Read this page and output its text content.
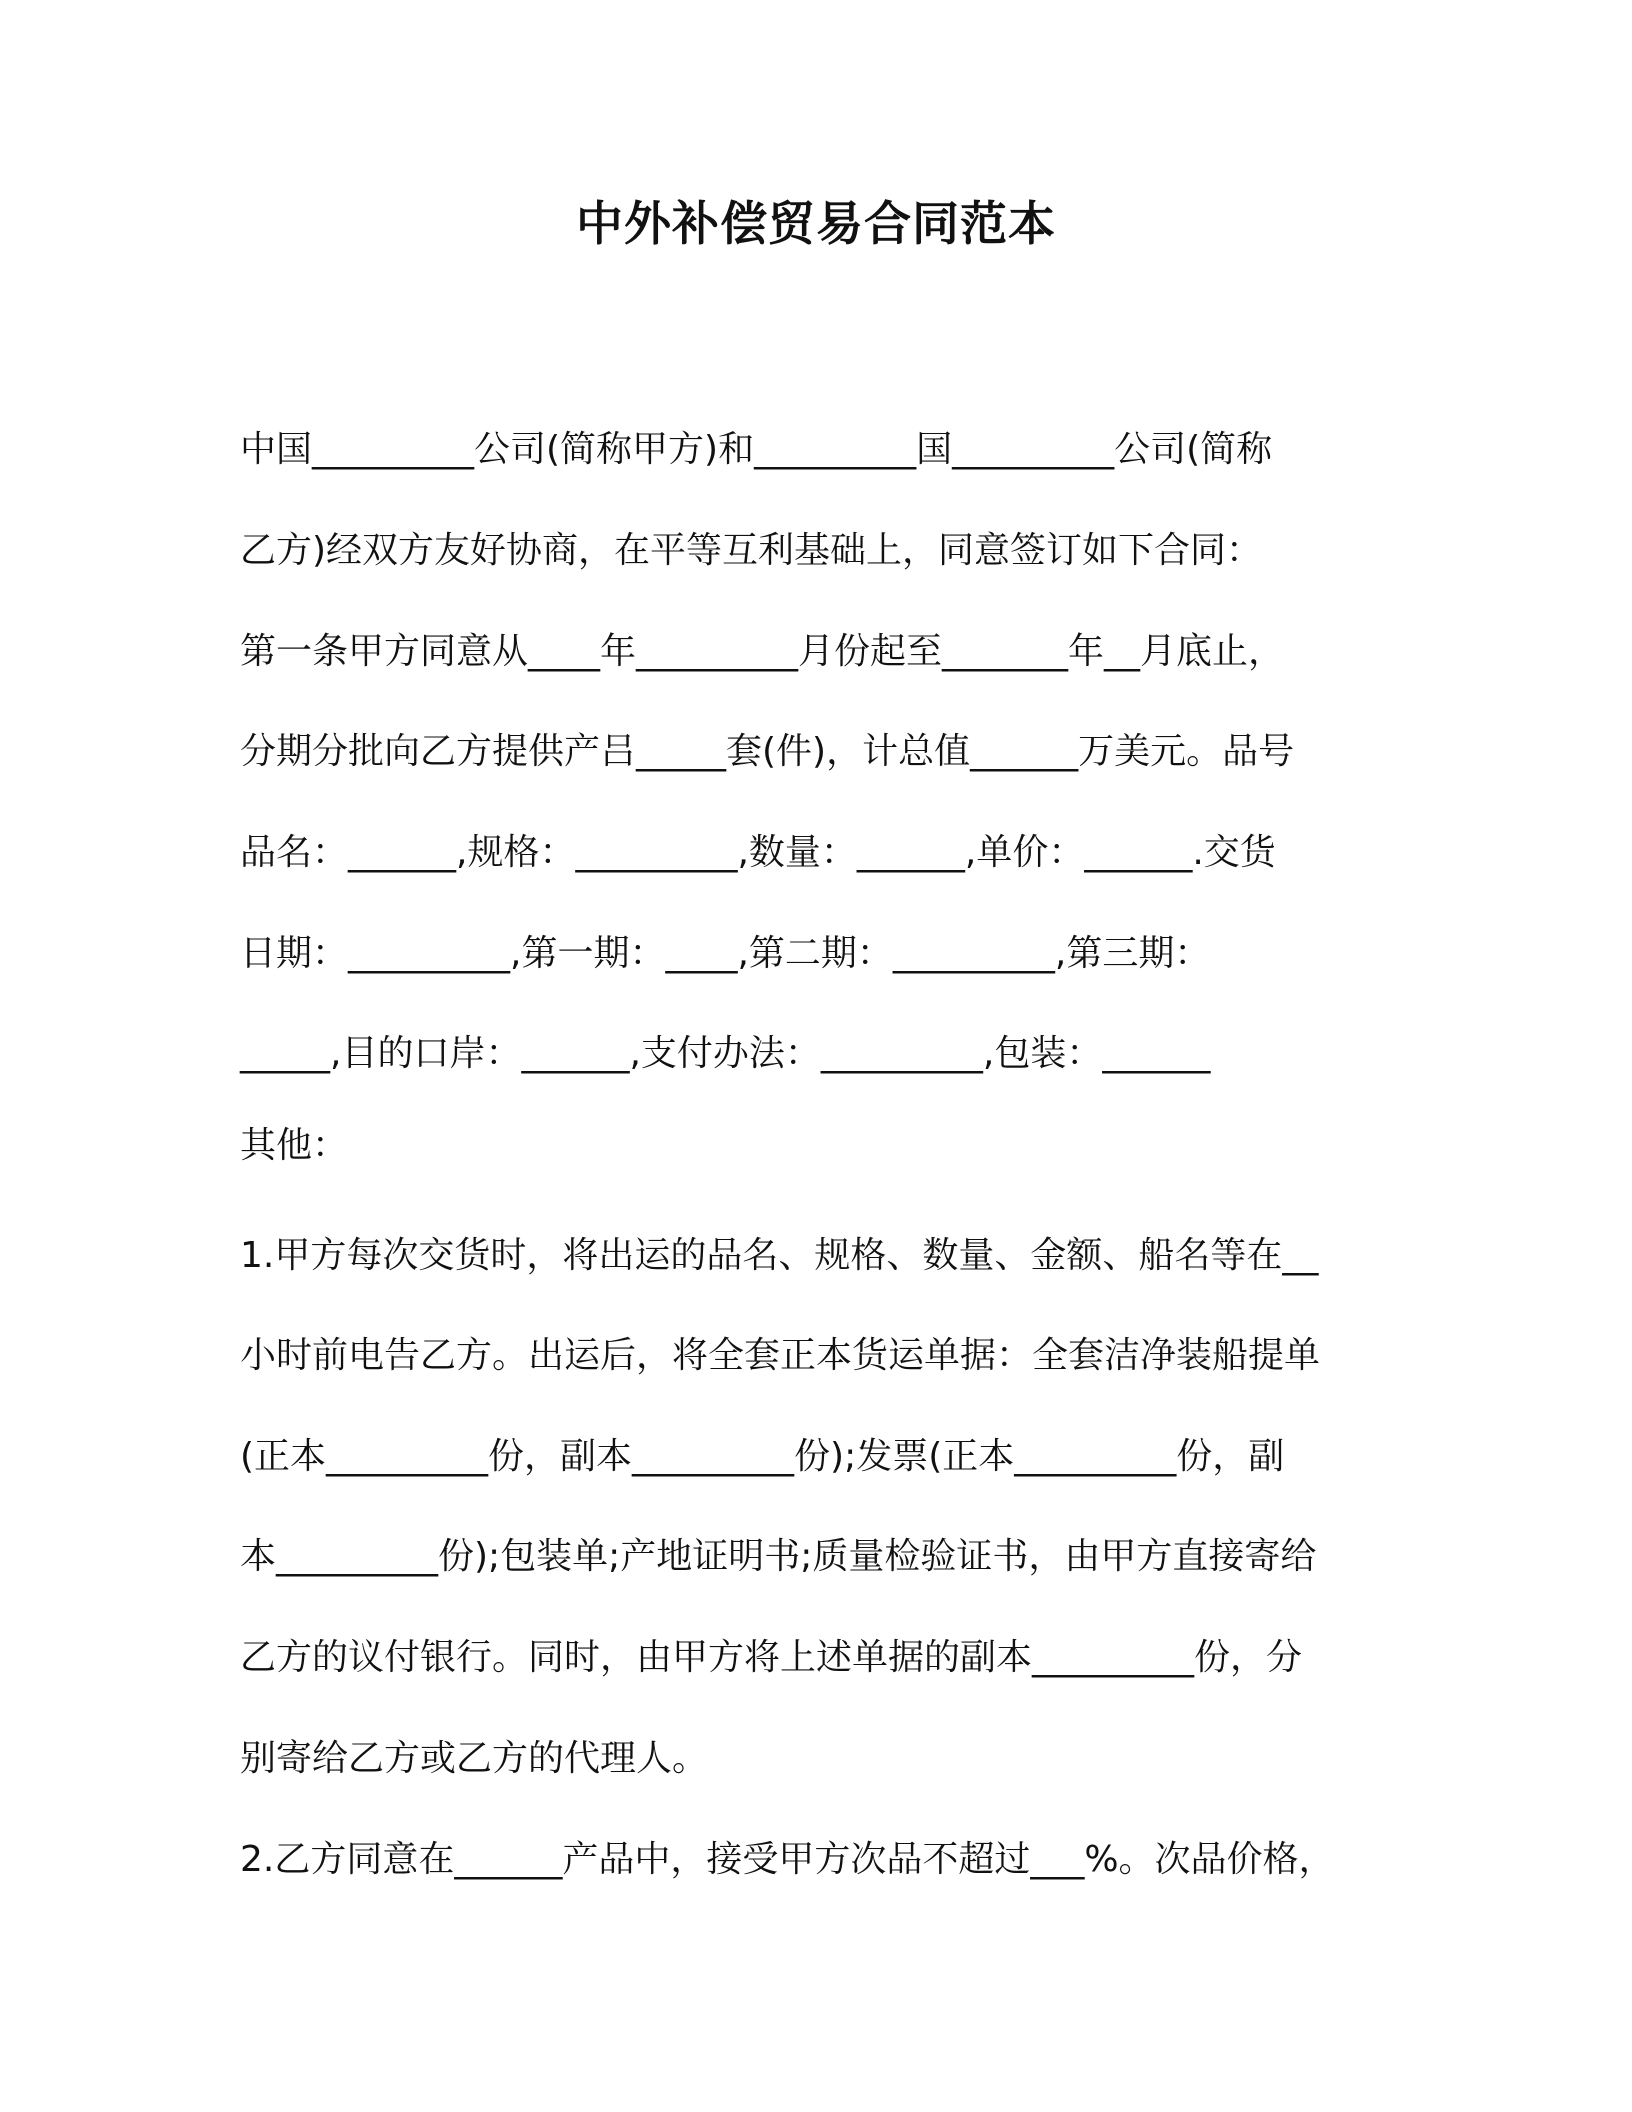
中外补偿贸易合同范本

中国_________公司(简称甲方)和_________国_________公司(简称

乙方)经双方友好协商，在平等互利基础上，同意签订如下合同：

第一条甲方同意从____年_________月份起至_______年__月底止，

分期分批向乙方提供产吕_____套(件)，计总值______万美元。品号

品名：______,规格：_________,数量：______,单价：______.交货

日期：_________,第一期：____,第二期：_________,第三期：

_____,目的口岸：______,支付办法：_________,包装：______

其他：

1.甲方每次交货时，将出运的品名、规格、数量、金额、船名等在__

小时前电告乙方。出运后，将全套正本货运单据：全套洁净装船提单

(正本_________份，副本_________份);发票(正本_________份，副

本_________份);包装单;产地证明书;质量检验证书，由甲方直接寄给

乙方的议付银行。同时，由甲方将上述单据的副本_________份，分

别寄给乙方或乙方的代理人。

2.乙方同意在______产品中，接受甲方次品不超过___%。次品价格，
